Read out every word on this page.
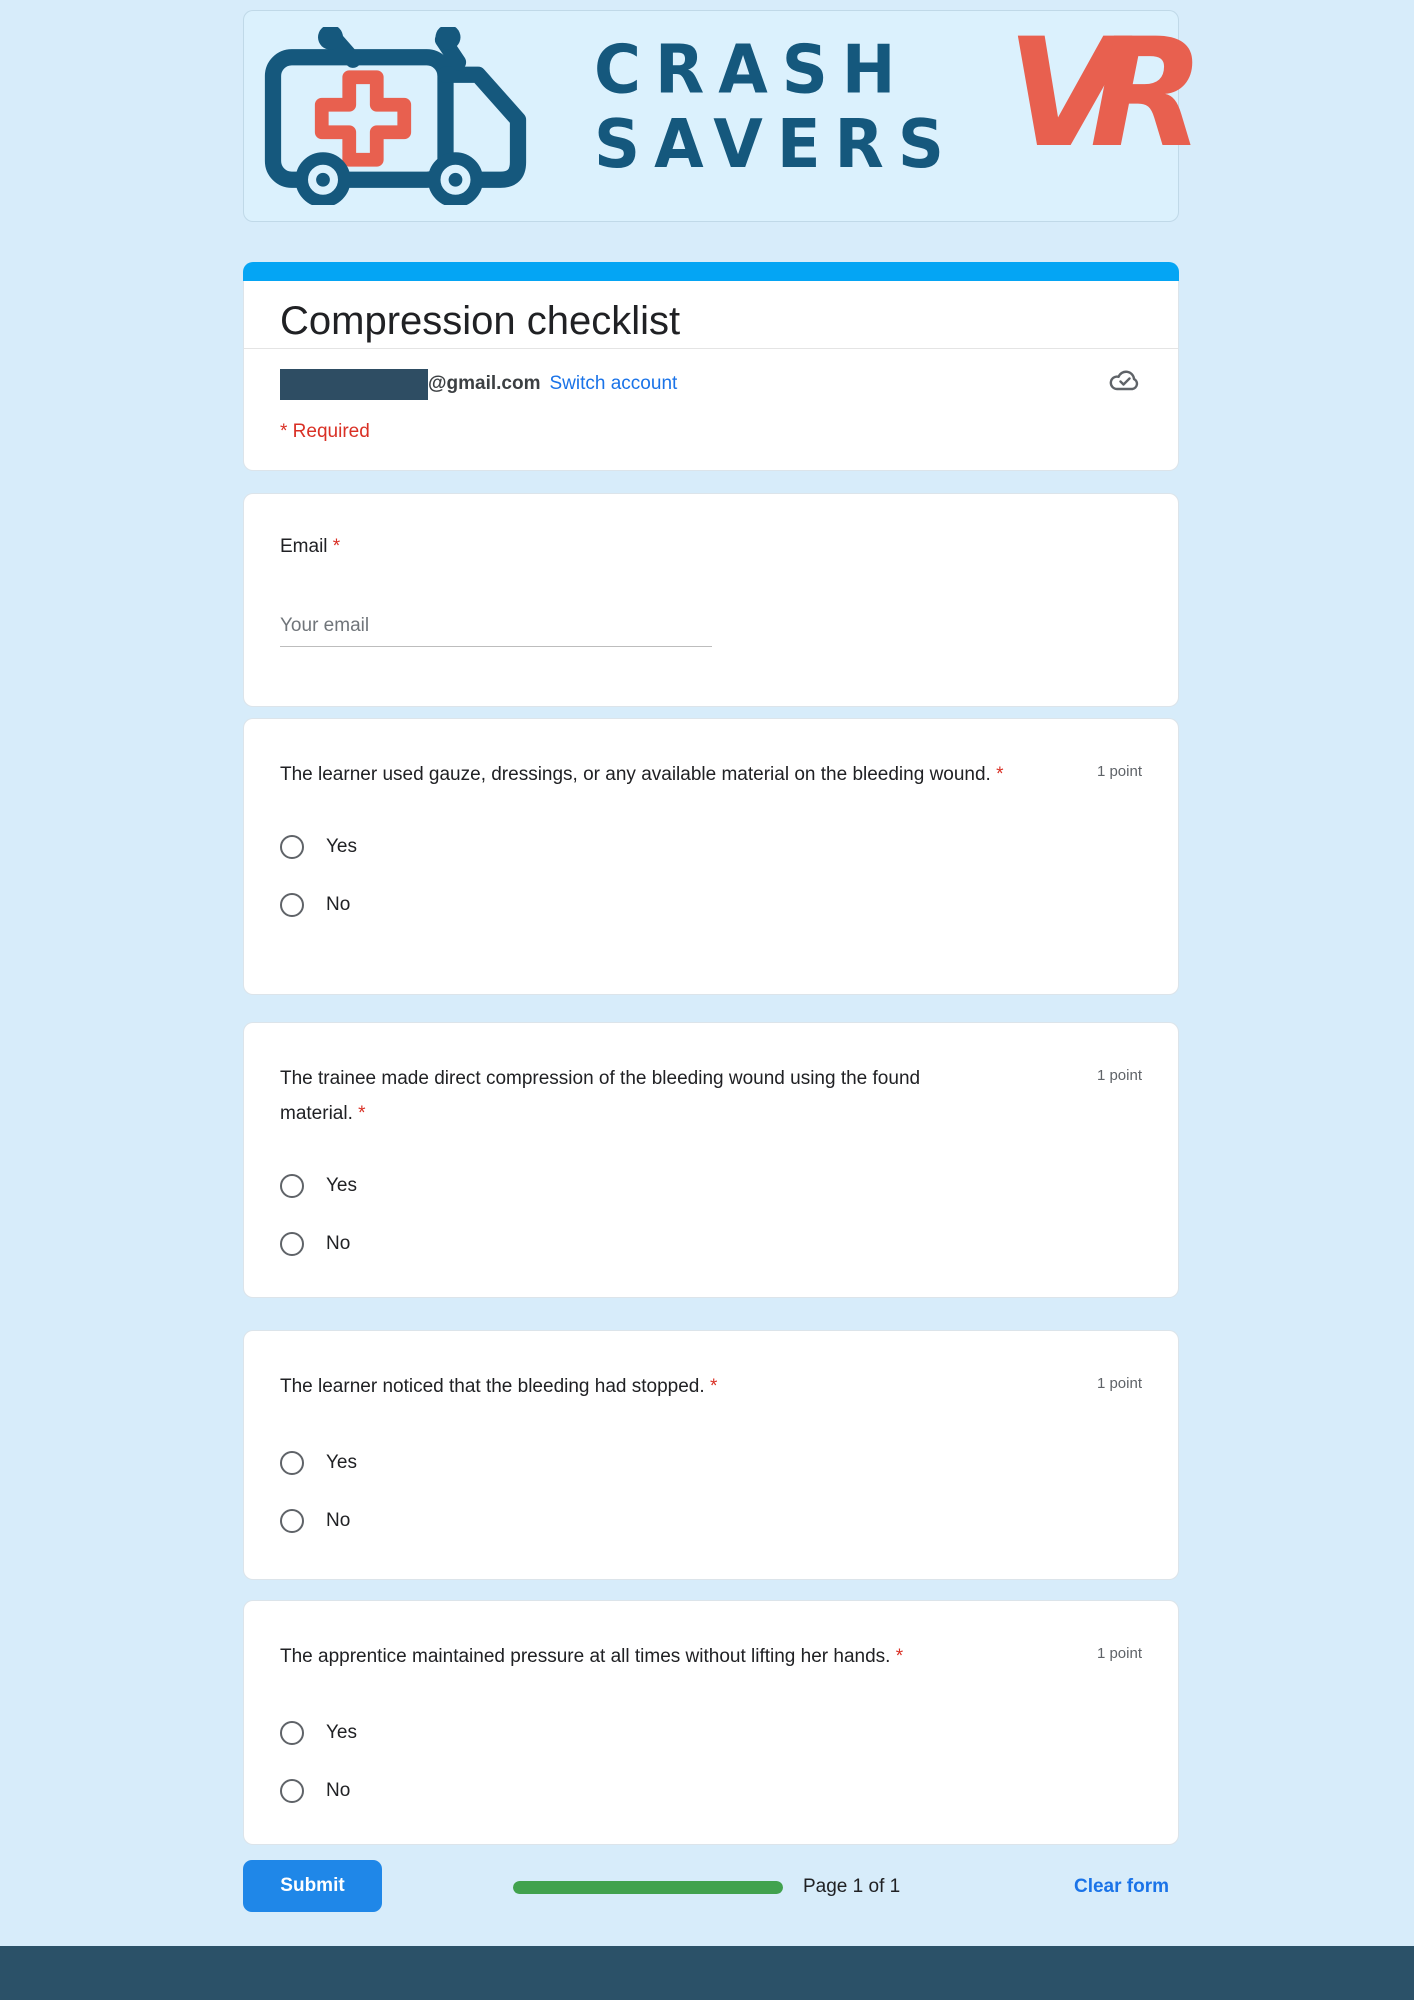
CRASH
SAVERS VR
Compression checklist
@gmail.com Switch account
* Required
Email *
Your email
The learner used gauze, dressings, or any available material on the bleeding wound. *	1 point
Yes
No
The trainee made direct compression of the bleeding wound using the found material. *
1 point
Yes
No
The learner noticed that the bleeding had stopped. *	1 point
Yes
No
The apprentice maintained pressure at all times without lifting her hands. *	1 point
Yes
No
Submit	Page 1 of 1	Clear form
